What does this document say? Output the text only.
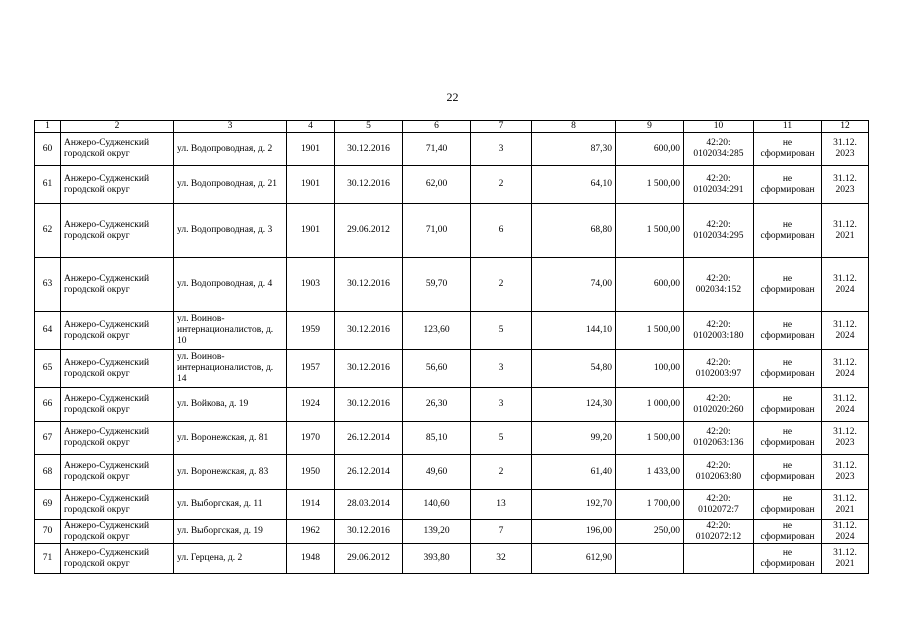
22
1	2	3	4	5	6	7	8	9	10	11	12
60	Анжеро-Судженский городской округ	ул. Водопроводная, д. 2	1901	30.12.2016	71,40	3	87,30	600,00	42:20: 0102034:285	не сформирован	31.12. 2023
61	Анжеро-Судженский городской округ	ул. Водопроводная, д. 21	1901	30.12.2016	62,00	2	64,10	1 500,00	42:20: 0102034:291	не сформирован	31.12. 2023
62	Анжеро-Судженский городской округ	ул. Водопроводная, д. 3	1901	29.06.2012	71,00	6	68,80	1 500,00	42:20: 0102034:295	не сформирован	31.12. 2021
63	Анжеро-Судженский городской округ	ул. Водопроводная, д. 4	1903	30.12.2016	59,70	2	74,00	600,00	42:20: 002034:152	не сформирован	31.12. 2024
64	Анжеро-Судженский городской округ	ул. Воинов-интернационалистов, д. 10	1959	30.12.2016	123,60	5	144,10	1 500,00	42:20: 0102003:180	не сформирован	31.12. 2024
65	Анжеро-Судженский городской округ	ул. Воинов-интернационалистов, д. 14	1957	30.12.2016	56,60	3	54,80	100,00	42:20: 0102003:97	не сформирован	31.12. 2024
66	Анжеро-Судженский городской округ	ул. Войкова, д. 19	1924	30.12.2016	26,30	3	124,30	1 000,00	42:20: 0102020:260	не сформирован	31.12. 2024
67	Анжеро-Судженский городской округ	ул. Воронежская, д. 81	1970	26.12.2014	85,10	5	99,20	1 500,00	42:20: 0102063:136	не сформирован	31.12. 2023
68	Анжеро-Судженский городской округ	ул. Воронежская, д. 83	1950	26.12.2014	49,60	2	61,40	1 433,00	42:20: 0102063:80	не сформирован	31.12. 2023
69	Анжеро-Судженский городской округ	ул. Выборгская, д. 11	1914	28.03.2014	140,60	13	192,70	1 700,00	42:20: 0102072:7	не сформирован	31.12. 2021
70	Анжеро-Судженский городской округ	ул. Выборгская, д. 19	1962	30.12.2016	139,20	7	196,00	250,00	42:20: 0102072:12	не сформирован	31.12. 2024
71	Анжеро-Судженский городской округ	ул. Герцена, д. 2	1948	29.06.2012	393,80	32	612,90			не сформирован	31.12. 2021
